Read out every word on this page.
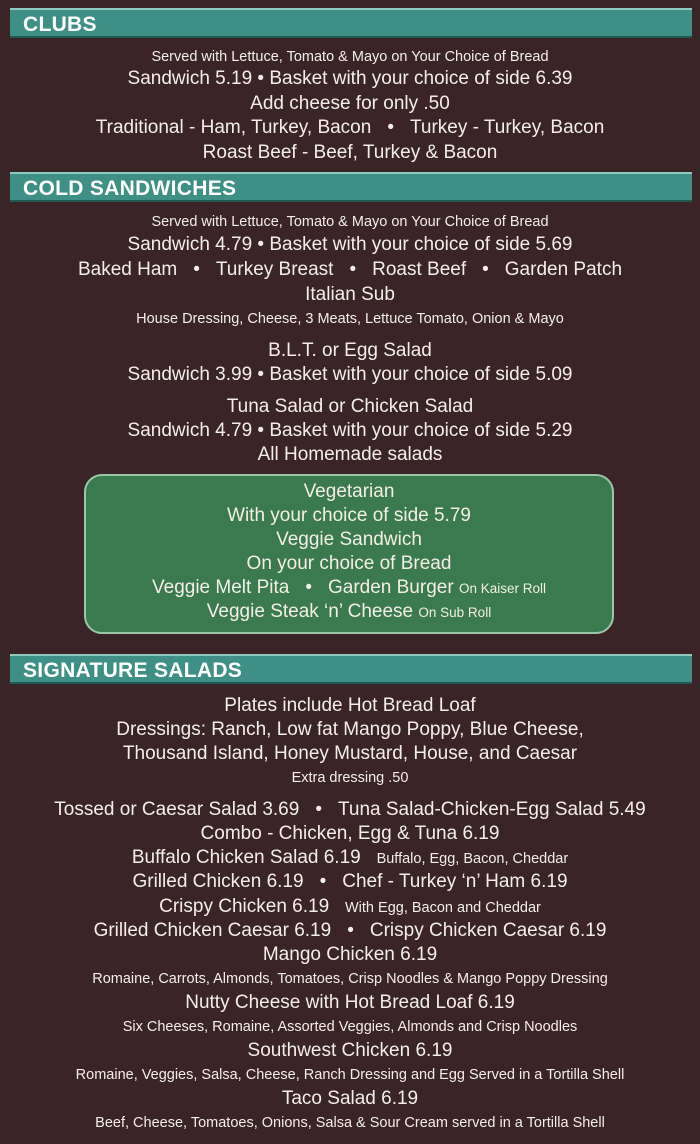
CLUBS
Served with Lettuce, Tomato & Mayo on Your Choice of Bread
Sandwich 5.19 • Basket with your choice of side 6.39
Add cheese for only .50
Traditional - Ham, Turkey, Bacon • Turkey - Turkey, Bacon
Roast Beef - Beef, Turkey & Bacon
COLD SANDWICHES
Served with Lettuce, Tomato & Mayo on Your Choice of Bread
Sandwich 4.79 • Basket with your choice of side 5.69
Baked Ham • Turkey Breast • Roast Beef • Garden Patch
Italian Sub
House Dressing, Cheese, 3 Meats, Lettuce Tomato, Onion & Mayo
B.L.T. or Egg Salad
Sandwich 3.99 • Basket with your choice of side 5.09
Tuna Salad or Chicken Salad
Sandwich 4.79 • Basket with your choice of side 5.29
All Homemade salads
Vegetarian
With your choice of side 5.79
Veggie Sandwich
On your choice of Bread
Veggie Melt Pita • Garden Burger On Kaiser Roll
Veggie Steak ‘n’ Cheese On Sub Roll
SIGNATURE SALADS
Plates include Hot Bread Loaf
Dressings: Ranch, Low fat Mango Poppy, Blue Cheese,
Thousand Island, Honey Mustard, House, and Caesar
Extra dressing .50
Tossed or Caesar Salad 3.69 • Tuna Salad-Chicken-Egg Salad 5.49
Combo - Chicken, Egg & Tuna 6.19
Buffalo Chicken Salad 6.19 Buffalo, Egg, Bacon, Cheddar
Grilled Chicken 6.19 • Chef - Turkey ‘n’ Ham 6.19
Crispy Chicken 6.19 With Egg, Bacon and Cheddar
Grilled Chicken Caesar 6.19 • Crispy Chicken Caesar 6.19
Mango Chicken 6.19
Romaine, Carrots, Almonds, Tomatoes, Crisp Noodles & Mango Poppy Dressing
Nutty Cheese with Hot Bread Loaf 6.19
Six Cheeses, Romaine, Assorted Veggies, Almonds and Crisp Noodles
Southwest Chicken 6.19
Romaine, Veggies, Salsa, Cheese, Ranch Dressing and Egg Served in a Tortilla Shell
Taco Salad 6.19
Beef, Cheese, Tomatoes, Onions, Salsa & Sour Cream served in a Tortilla Shell
